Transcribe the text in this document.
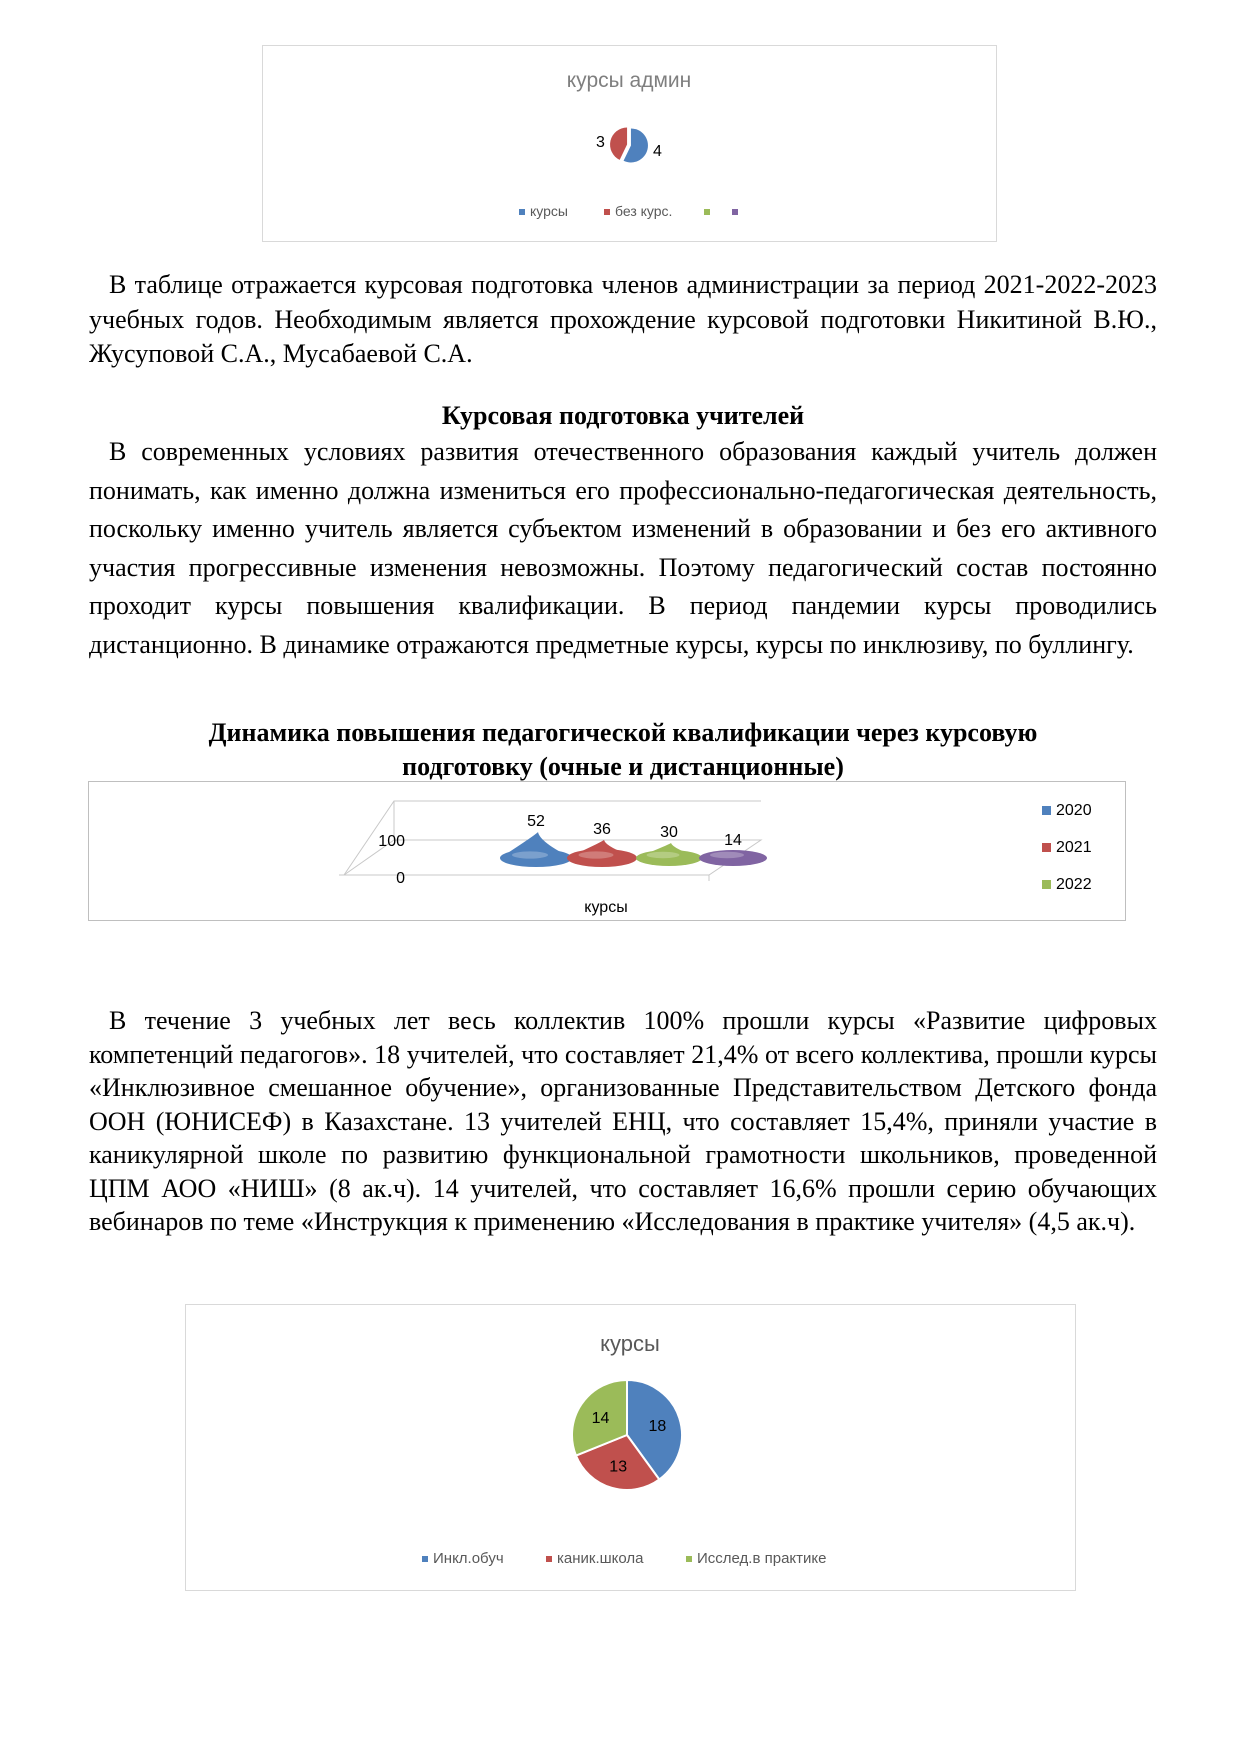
курсы админ
4
3
курсы	без курс.

В таблице отражается курсовая подготовка членов администрации за период 2021-2022-2023 учебных годов. Необходимым является прохождение курсовой подготовки Никитиной В.Ю., Жусуповой С.А., Мусабаевой С.А.

Курсовая подготовка учителей

В современных условиях развития отечественного образования каждый учитель должен понимать, как именно должна измениться его профессионально-педагогическая деятельность, поскольку именно учитель является субъектом изменений в образовании и без его активного участия прогрессивные изменения невозможны. Поэтому педагогический состав постоянно проходит курсы повышения квалификации. В период пандемии курсы проводились дистанционно. В динамике отражаются предметные курсы, курсы по инклюзиву, по буллингу.

Динамика повышения педагогической квалификации через курсовую подготовку (очные и дистанционные)
100
0
52	36	30	14
курсы
2020
2021
2022

В течение 3 учебных лет весь коллектив 100% прошли курсы «Развитие цифровых компетенций педагогов». 18 учителей, что составляет 21,4% от всего коллектива, прошли курсы «Инклюзивное смешанное обучение», организованные Представительством Детского фонда ООН (ЮНИСЕФ) в Казахстане. 13 учителей ЕНЦ, что составляет 15,4%, приняли участие в каникулярной школе по развитию функциональной грамотности школьников, проведенной ЦПМ АОО «НИШ» (8 ак.ч). 14 учителей, что составляет 16,6% прошли серию обучающих вебинаров по теме «Инструкция к применению «Исследования в практике учителя» (4,5 ак.ч).

курсы
18
13
14
Инкл.обуч	каник.школа	Исслед.в практике
